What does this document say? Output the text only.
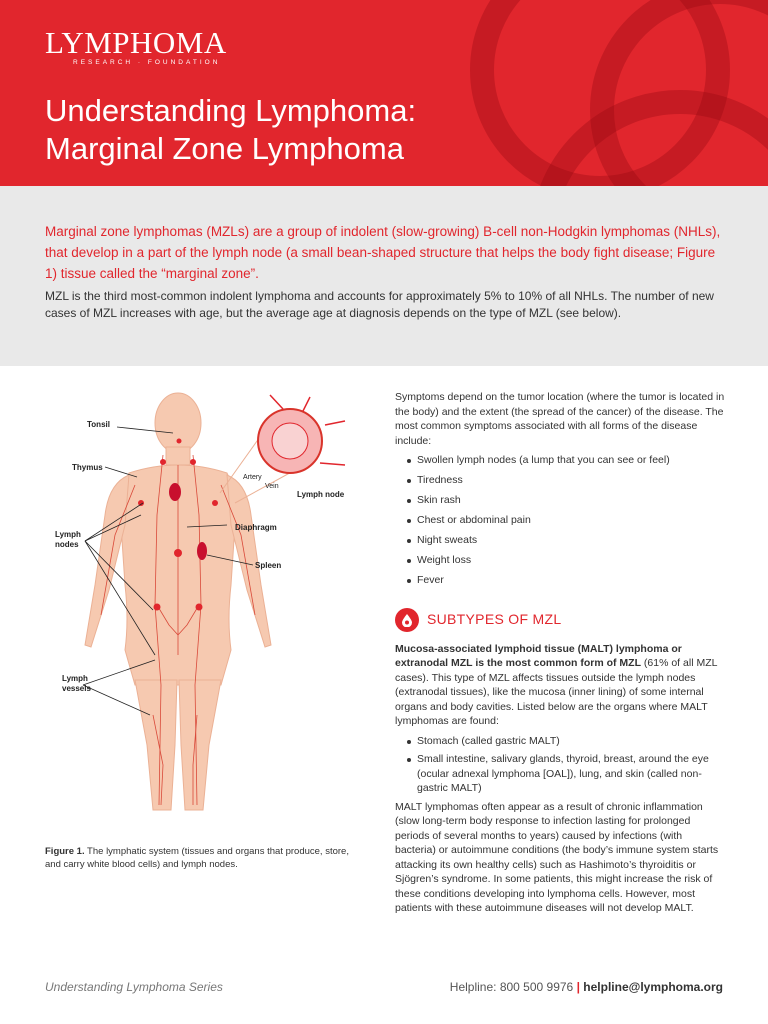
LYMPHOMA
RESEARCH · FOUNDATION
Understanding Lymphoma:
Marginal Zone Lymphoma

Marginal zone lymphomas (MZLs) are a group of indolent (slow-growing) B-cell non-Hodgkin lymphomas (NHLs), that develop in a part of the lymph node (a small bean-shaped structure that helps the body fight disease; Figure 1) tissue called the “marginal zone”.

MZL is the third most-common indolent lymphoma and accounts for approximately 5% to 10% of all NHLs. The number of new cases of MZL increases with age, but the average age at diagnosis depends on the type of MZL (see below).

Tonsil
Thymus
Lymph
nodes
Lymph
vessels
Artery
Vein
Lymph node
Diaphragm
Spleen

Figure 1. The lymphatic system (tissues and organs that produce, store, and carry white blood cells) and lymph nodes.

Symptoms depend on the tumor location (where the tumor is located in the body) and the extent (the spread of the cancer) of the disease. The most common symptoms associated with all forms of the disease include:

Swollen lymph nodes (a lump that you can see or feel)
Tiredness
Skin rash
Chest or abdominal pain
Night sweats
Weight loss
Fever
SUBTYPES OF MZL

Mucosa-associated lymphoid tissue (MALT) lymphoma or extranodal MZL is the most common form of MZL (61% of all MZL cases). This type of MZL affects tissues outside the lymph nodes (extranodal tissues), like the mucosa (inner lining) of some internal organs and body cavities. Listed below are the organs where MALT lymphomas are found:

Stomach (called gastric MALT)
Small intestine, salivary glands, thyroid, breast, around the eye (ocular adnexal lymphoma [OAL]), lung, and skin (called non-gastric MALT)

MALT lymphomas often appear as a result of chronic inflammation (slow long-term body response to infection lasting for prolonged periods of several months to years) caused by infections (with bacteria) or autoimmune conditions (the body’s immune system starts attacking its own healthy cells) such as Hashimoto’s thyroiditis or Sjögren’s syndrome. In some patients, this might increase the risk of these conditions developing into lymphoma cells. However, most patients with these autoimmune diseases will not develop MALT.

Understanding Lymphoma Series	Helpline: 800 500 9976 | helpline@lymphoma.org
